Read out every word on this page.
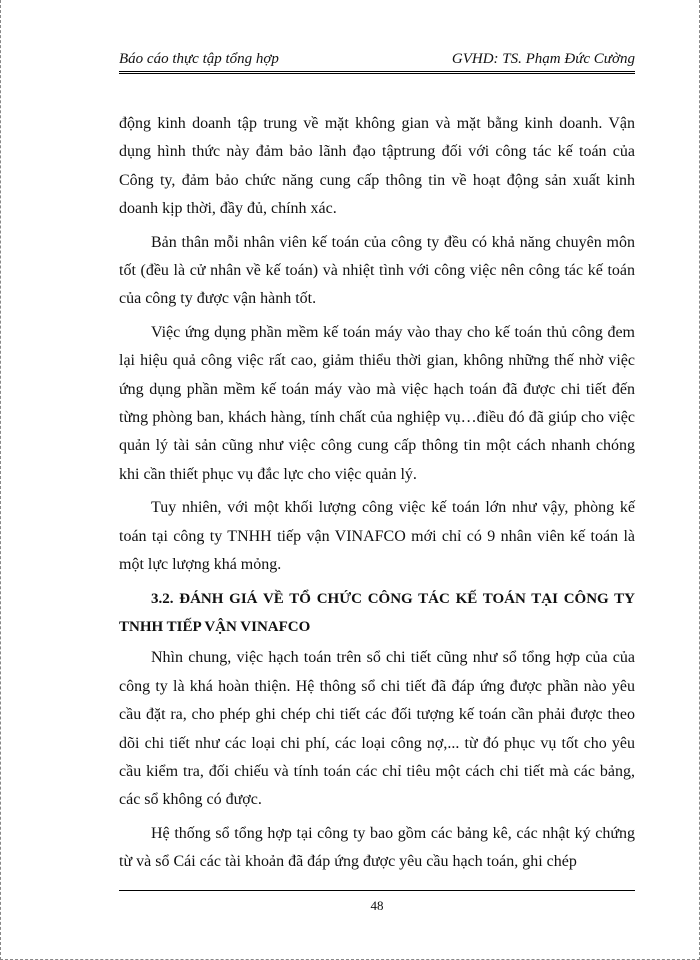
Báo cáo thực tập tổng hợp	GVHD: TS. Phạm Đức Cường

động kinh doanh tập trung về mặt không gian và mặt bằng kinh doanh. Vận dụng hình thức này đảm bảo lãnh đạo tậptrung đối với công tác kế toán của Công ty, đảm bảo chức năng cung cấp thông tin về hoạt động sản xuất kinh doanh kịp thời, đầy đủ, chính xác.

Bản thân mỗi nhân viên kế toán của công ty đều có khả năng chuyên môn tốt (đều là cử nhân về kế toán) và nhiệt tình với công việc nên công tác kế toán của công ty được vận hành tốt.

Việc ứng dụng phần mềm kế toán máy vào thay cho kế toán thủ công đem lại hiệu quả công việc rất cao, giảm thiểu thời gian, không những thế nhờ việc ứng dụng phần mềm kế toán máy vào mà việc hạch toán đã được chi tiết đến từng phòng ban, khách hàng, tính chất của nghiệp vụ…điều đó đã giúp cho việc quản lý tài sản cũng như việc công cung cấp thông tin một cách nhanh chóng khi cần thiết phục vụ đắc lực cho việc quản lý.

Tuy nhiên, với một khối lượng công việc kế toán lớn như vậy, phòng kế toán tại công ty TNHH tiếp vận VINAFCO mới chỉ có 9 nhân viên kế toán là một lực lượng khá mỏng.

3.2. ĐÁNH GIÁ VỀ TỔ CHỨC CÔNG TÁC KẾ TOÁN TẠI CÔNG TY TNHH TIẾP VẬN VINAFCO

Nhìn chung, việc hạch toán trên sổ chi tiết cũng như sổ tổng hợp của của công ty là khá hoàn thiện. Hệ thông sổ chi tiết đã đáp ứng được phần nào yêu cầu đặt ra, cho phép ghi chép chi tiết các đối tượng kế toán cần phải được theo dõi chi tiết như các loại chi phí, các loại công nợ,... từ đó phục vụ tốt cho yêu cầu kiểm tra, đối chiếu và tính toán các chỉ tiêu một cách chi tiết mà các bảng, các sổ không có được.

Hệ thống sổ tổng hợp tại công ty bao gồm các bảng kê, các nhật ký chứng từ và sổ Cái các tài khoản đã đáp ứng được yêu cầu hạch toán, ghi chép

48
